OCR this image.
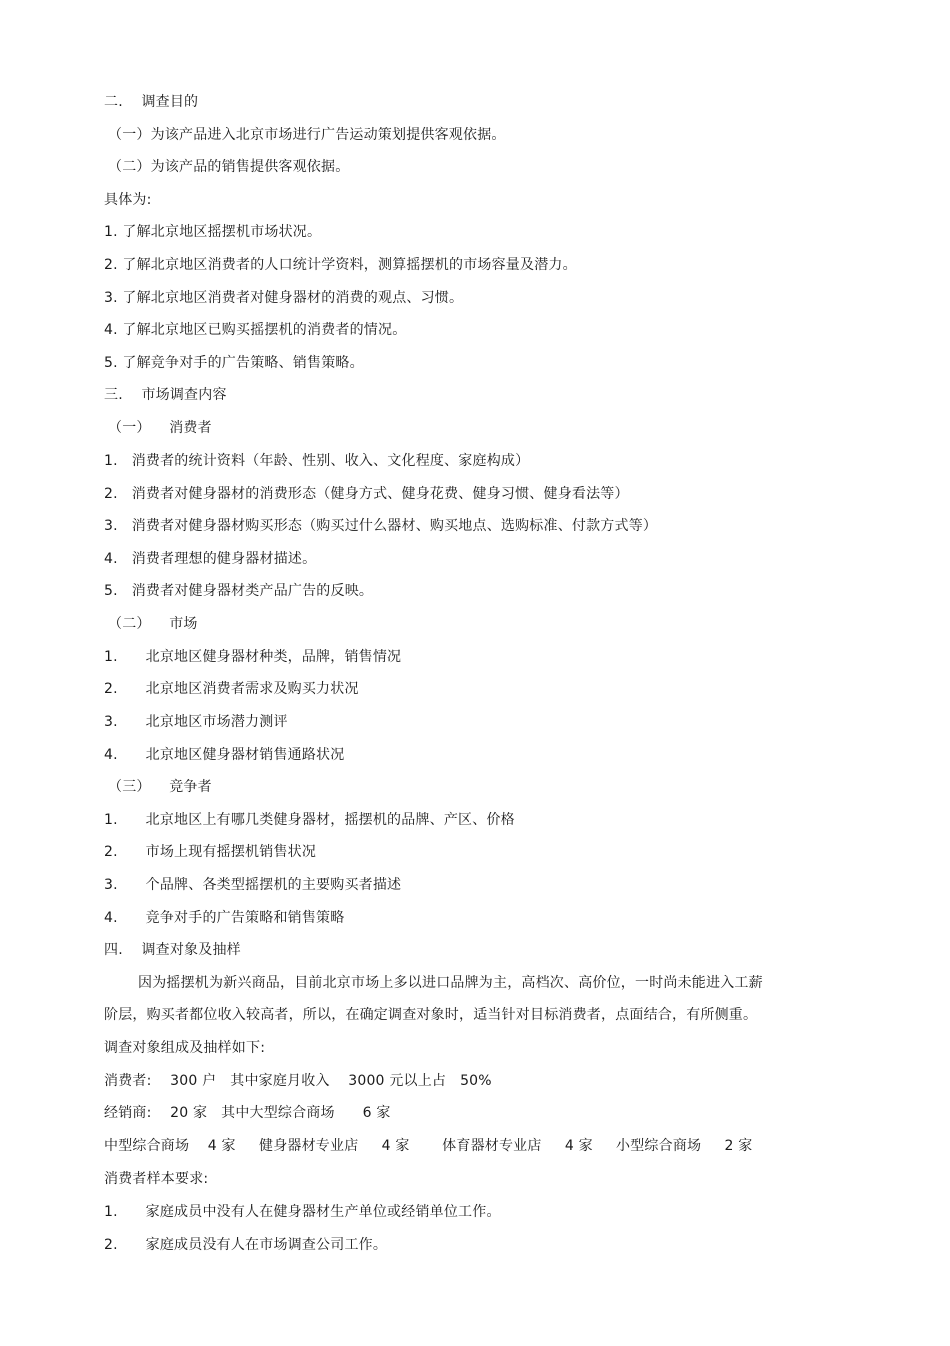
二.    调查目的
（一）为该产品进入北京市场进行广告运动策划提供客观依据。
（二）为该产品的销售提供客观依据。
具体为:
1. 了解北京地区摇摆机市场状况。
2. 了解北京地区消费者的人口统计学资料，测算摇摆机的市场容量及潜力。
3. 了解北京地区消费者对健身器材的消费的观点、习惯。
4. 了解北京地区已购买摇摆机的消费者的情况。
5. 了解竞争对手的广告策略、销售策略。
三.    市场调查内容
（一）    消费者
1.   消费者的统计资料（年龄、性别、收入、文化程度、家庭构成）
2.   消费者对健身器材的消费形态（健身方式、健身花费、健身习惯、健身看法等）
3.   消费者对健身器材购买形态（购买过什么器材、购买地点、选购标准、付款方式等）
4.   消费者理想的健身器材描述。
5.   消费者对健身器材类产品广告的反映。
（二）    市场
1.      北京地区健身器材种类，品牌，销售情况
2.      北京地区消费者需求及购买力状况
3.      北京地区市场潜力测评
4.      北京地区健身器材销售通路状况
（三）    竞争者
1.      北京地区上有哪几类健身器材，摇摆机的品牌、产区、价格
2.      市场上现有摇摆机销售状况
3.      个品牌、各类型摇摆机的主要购买者描述
4.      竞争对手的广告策略和销售策略
四.    调查对象及抽样
因为摇摆机为新兴商品，目前北京市场上多以进口品牌为主，高档次、高价位，一时尚未能进入工薪
阶层，购买者都位收入较高者，所以，在确定调查对象时，适当针对目标消费者，点面结合，有所侧重。
调查对象组成及抽样如下:
消费者:    300 户   其中家庭月收入    3000 元以上占   50%
经销商:    20 家   其中大型综合商场      6 家
中型综合商场    4 家     健身器材专业店     4 家       体育器材专业店     4 家     小型综合商场     2 家
消费者样本要求:
1.      家庭成员中没有人在健身器材生产单位或经销单位工作。
2.      家庭成员没有人在市场调查公司工作。
